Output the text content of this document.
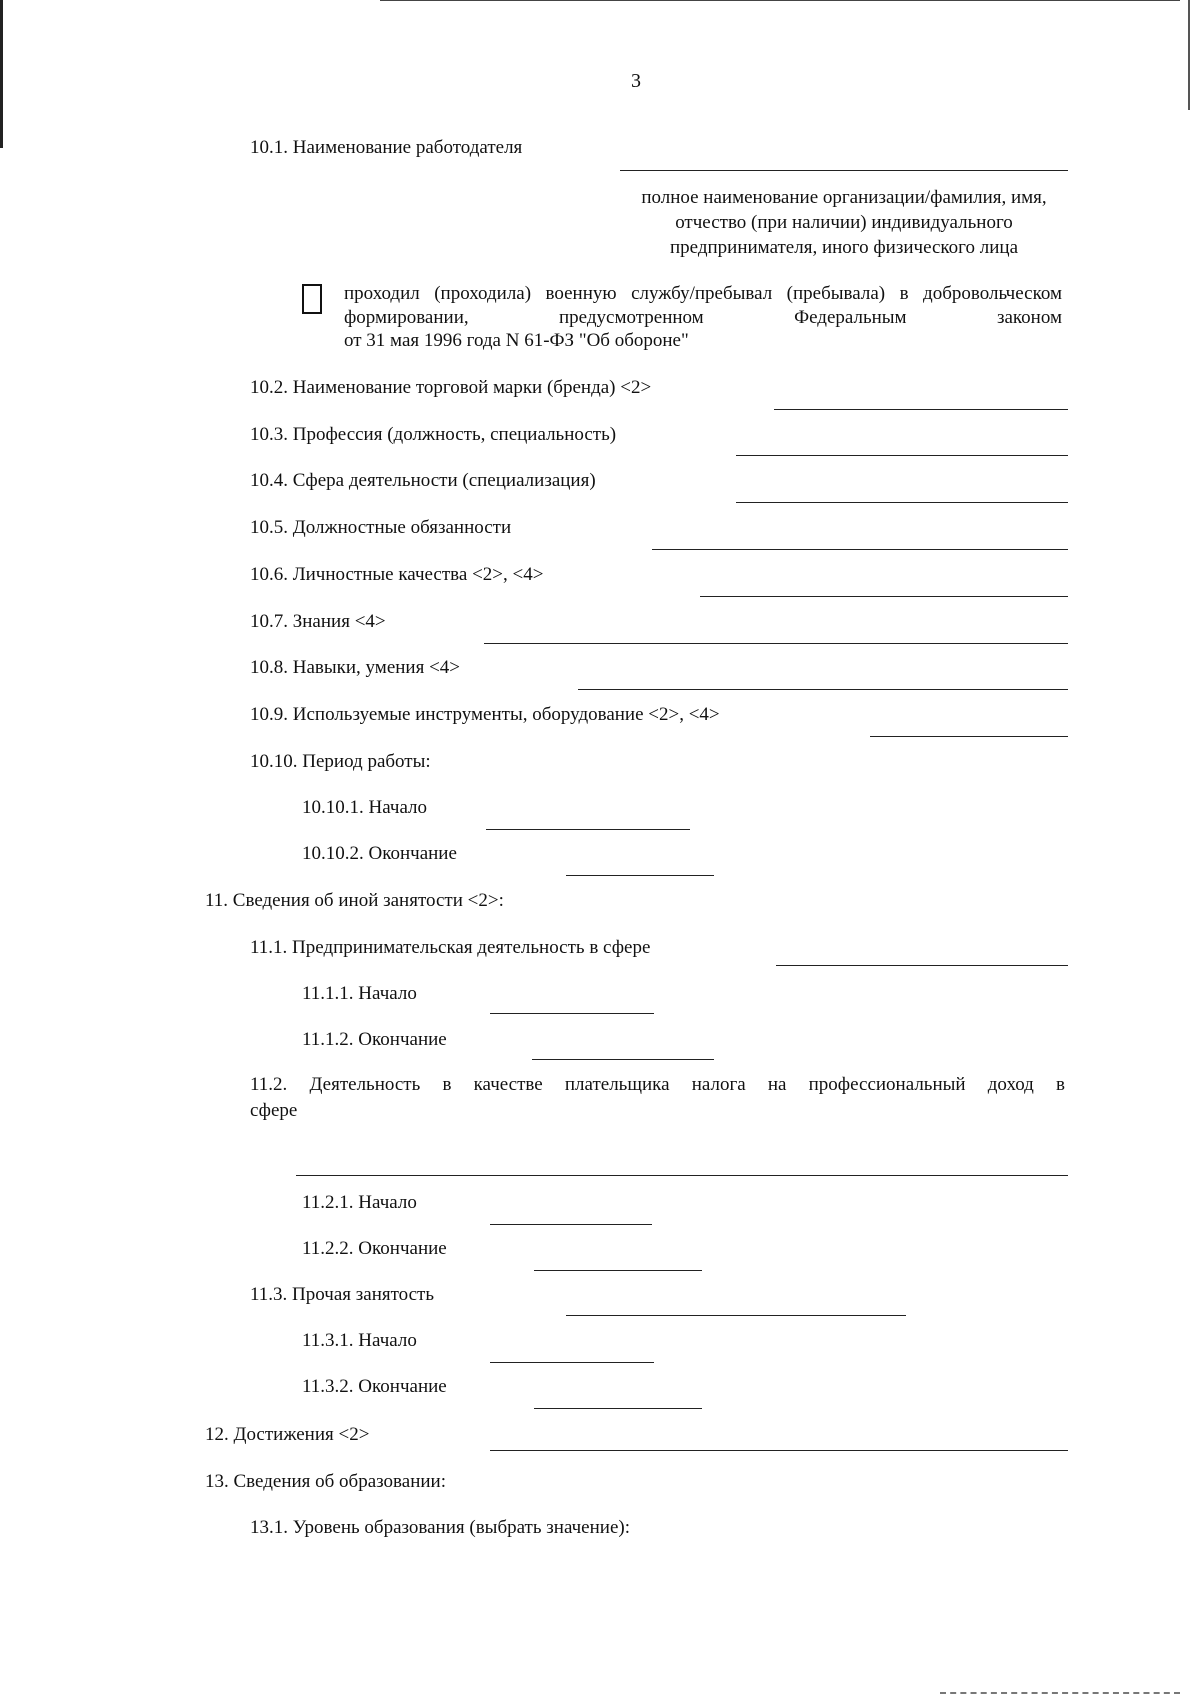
3
10.1. Наименование работодателя
полное наименование организации/фамилия, имя, отчество (при наличии) индивидуального предпринимателя, иного физического лица
проходил (проходила) военную службу/пребывал (пребывала) в добровольческом формировании, предусмотренном Федеральным законом
от 31 мая 1996 года N 61-ФЗ "Об обороне"
10.2. Наименование торговой марки (бренда) <2>
10.3. Профессия (должность, специальность)
10.4. Сфера деятельности (специализация)
10.5. Должностные обязанности
10.6. Личностные качества <2>, <4>
10.7. Знания <4>
10.8. Навыки, умения <4>
10.9. Используемые инструменты, оборудование <2>, <4>
10.10. Период работы:
10.10.1. Начало
10.10.2. Окончание
11. Сведения об иной занятости <2>:
11.1. Предпринимательская деятельность в сфере
11.1.1. Начало
11.1.2. Окончание
11.2. Деятельность в качестве плательщика налога на профессиональный доход в
сфере
11.2.1. Начало
11.2.2. Окончание
11.3. Прочая занятость
11.3.1. Начало
11.3.2. Окончание
12. Достижения <2>
13. Сведения об образовании:
13.1. Уровень образования (выбрать значение):
